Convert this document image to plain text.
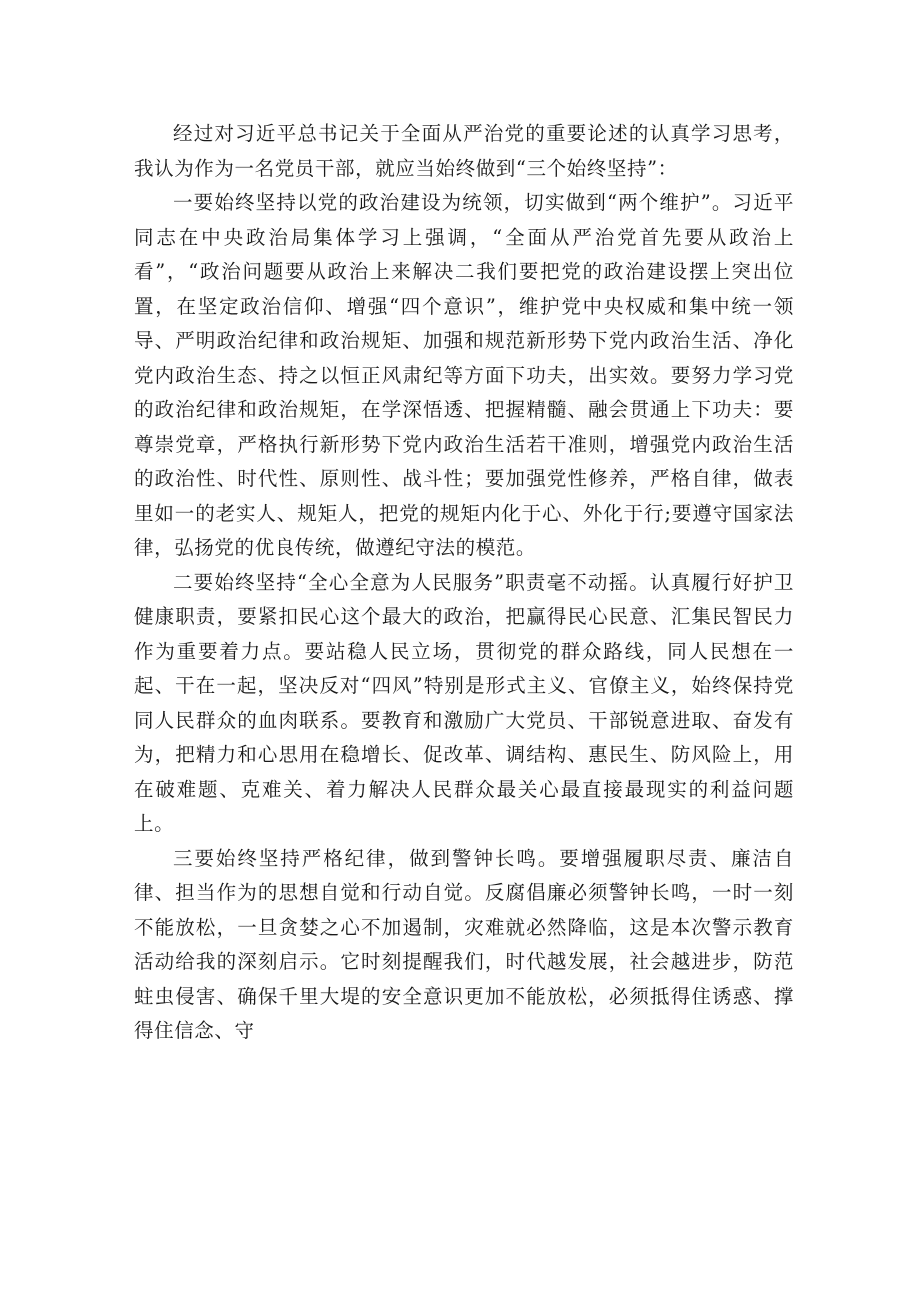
经过对习近平总书记关于全面从严治党的重要论述的认真学习思考，我认为作为一名党员干部，就应当始终做到“三个始终坚持”：

一要始终坚持以党的政治建设为统领，切实做到“两个维护”。习近平同志在中央政治局集体学习上强调，“全面从严治党首先要从政治上看”，“政治问题要从政治上来解决二我们要把党的政治建设摆上突出位置，在坚定政治信仰、增强“四个意识”，维护党中央权威和集中统一领导、严明政治纪律和政治规矩、加强和规范新形势下党内政治生活、净化党内政治生态、持之以恒正风肃纪等方面下功夫，出实效。要努力学习党的政治纪律和政治规矩，在学深悟透、把握精髓、融会贯通上下功夫：要尊崇党章，严格执行新形势下党内政治生活若干准则，增强党内政治生活的政治性、时代性、原则性、战斗性；要加强党性修养，严格自律，做表里如一的老实人、规矩人，把党的规矩内化于心、外化于行;要遵守国家法律，弘扬党的优良传统，做遵纪守法的模范。

二要始终坚持“全心全意为人民服务”职责毫不动摇。认真履行好护卫健康职责，要紧扣民心这个最大的政治，把赢得民心民意、汇集民智民力作为重要着力点。要站稳人民立场，贯彻党的群众路线，同人民想在一起、干在一起，坚决反对“四风”特别是形式主义、官僚主义，始终保持党同人民群众的血肉联系。要教育和激励广大党员、干部锐意进取、奋发有为，把精力和心思用在稳增长、促改革、调结构、惠民生、防风险上，用在破难题、克难关、着力解决人民群众最关心最直接最现实的利益问题上。

三要始终坚持严格纪律，做到警钟长鸣。要增强履职尽责、廉洁自律、担当作为的思想自觉和行动自觉。反腐倡廉必须警钟长鸣，一时一刻不能放松，一旦贪婪之心不加遏制，灾难就必然降临，这是本次警示教育活动给我的深刻启示。它时刻提醒我们，时代越发展，社会越进步，防范蛀虫侵害、确保千里大堤的安全意识更加不能放松，必须抵得住诱惑、撑得住信念、守
